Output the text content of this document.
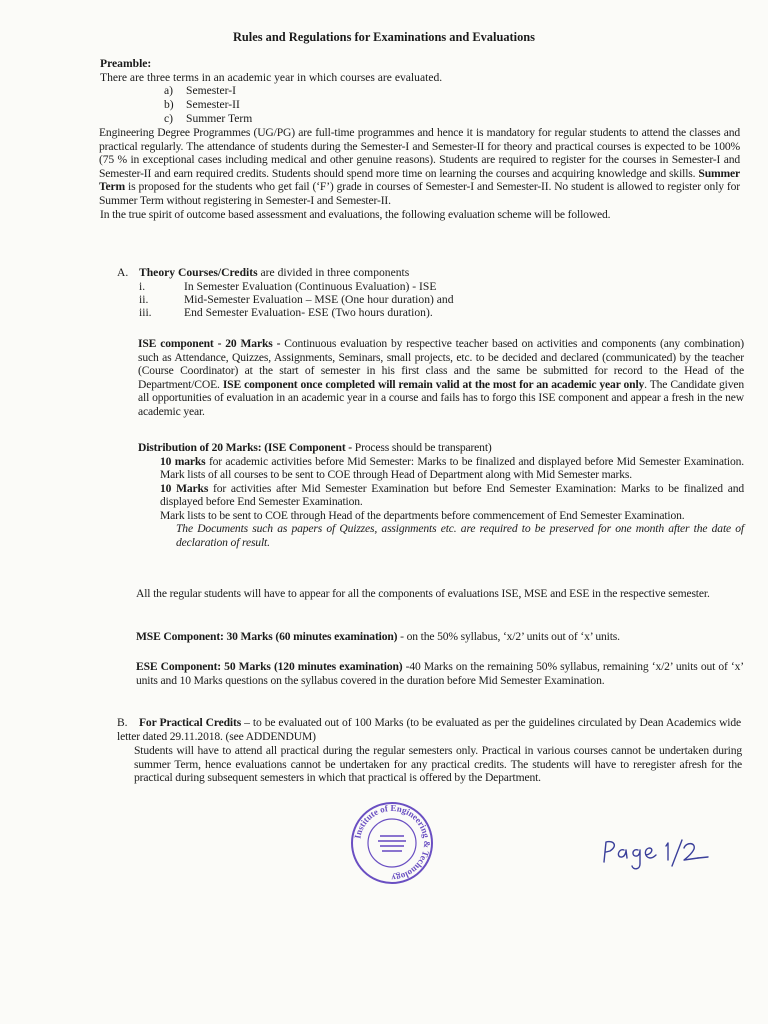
Rules and Regulations for Examinations and Evaluations
Preamble:
There are three terms in an academic year in which courses are evaluated.
a) Semester-I
b) Semester-II
c) Summer Term
Engineering Degree Programmes (UG/PG) are full-time programmes and hence it is mandatory for regular students to attend the classes and practical regularly. The attendance of students during the Semester-I and Semester-II for theory and practical courses is expected to be 100% (75 % in exceptional cases including medical and other genuine reasons). Students are required to register for the courses in Semester-I and Semester-II and earn required credits. Students should spend more time on learning the courses and acquiring knowledge and skills. Summer Term is proposed for the students who get fail (‘F’) grade in courses of Semester-I and Semester-II. No student is allowed to register only for Summer Term without registering in Semester-I and Semester-II.
In the true spirit of outcome based assessment and evaluations, the following evaluation scheme will be followed.
A. Theory Courses/Credits are divided in three components
i.	In Semester Evaluation (Continuous Evaluation) - ISE
ii.	Mid-Semester Evaluation – MSE (One hour duration) and
iii.	End Semester Evaluation- ESE (Two hours duration).
ISE component - 20 Marks - Continuous evaluation by respective teacher based on activities and components (any combination) such as Attendance, Quizzes, Assignments, Seminars, small projects, etc. to be decided and declared (communicated) by the teacher (Course Coordinator) at the start of semester in his first class and the same be submitted for record to the Head of the Department/COE. ISE component once completed will remain valid at the most for an academic year only. The Candidate given all opportunities of evaluation in an academic year in a course and fails has to forgo this ISE component and appear a fresh in the new academic year.
Distribution of 20 Marks: (ISE Component - Process should be transparent)
10 marks for academic activities before Mid Semester: Marks to be finalized and displayed before Mid Semester Examination. Mark lists of all courses to be sent to COE through Head of Department along with Mid Semester marks.
10 Marks for activities after Mid Semester Examination but before End Semester Examination: Marks to be finalized and displayed before End Semester Examination.
Mark lists to be sent to COE through Head of the departments before commencement of End Semester Examination.
The Documents such as papers of Quizzes, assignments etc. are required to be preserved for one month after the date of declaration of result.
All the regular students will have to appear for all the components of evaluations ISE, MSE and ESE in the respective semester.
MSE Component: 30 Marks (60 minutes examination) - on the 50% syllabus, ‘x/2’ units out of ‘x’ units.
ESE Component: 50 Marks (120 minutes examination) -40 Marks on the remaining 50% syllabus, remaining ‘x/2’ units out of ‘x’ units and 10 Marks questions on the syllabus covered in the duration before Mid Semester Examination.
B. For Practical Credits – to be evaluated out of 100 Marks (to be evaluated as per the guidelines circulated by Dean Academics wide letter dated 29.11.2018. (see ADDENDUM)
Students will have to attend all practical during the regular semesters only. Practical in various courses cannot be undertaken during summer Term, hence evaluations cannot be undertaken for any practical credits. The students will have to reregister afresh for the practical during subsequent semesters in which that practical is offered by the Department.
Institute of Engineering & Technology
